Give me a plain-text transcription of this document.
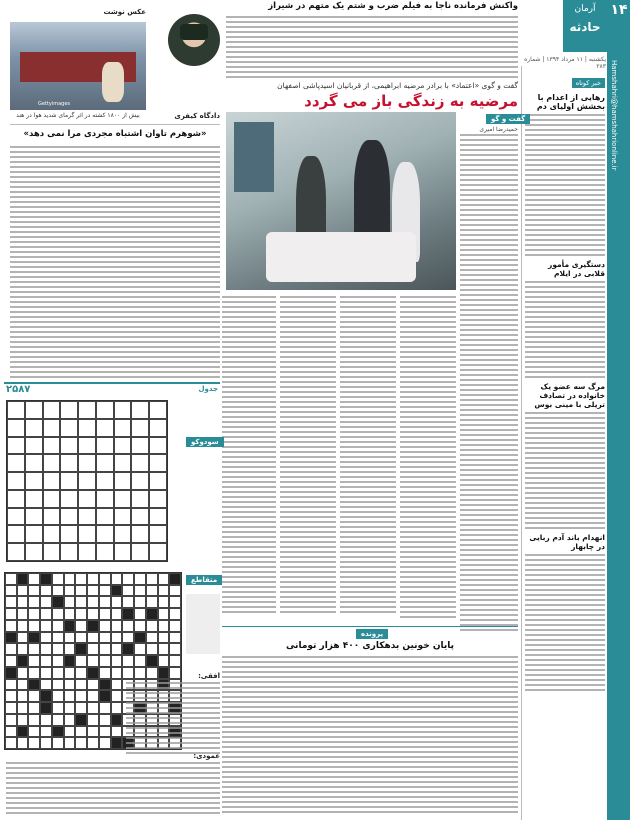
Hamshahri@hamshahrionline.ir
۱۴
آرمان
حادثه
یکشنبه | ۱۱ مرداد ۱۳۹۴ | شماره ۲۸۳
خبر کوتاه
رهایی از اعدام با بخشش اولیای دم
دستگیری مأمور قلابی در ایلام
مرگ سه عضو یک خانواده در تصادف تریلی با مینی بوس
انهدام باند آدم ربایی در چابهار
واکنش فرمانده ناجا به فیلم ضرب و شتم یک متهم در شیراز
گفت و گوی «اعتماد» با برادر مرضیه ابراهیمی، از قربانیان اسیدپاشی اصفهان
مرضیه به زندگی باز می گردد
گفت و گو
حمیدرضا امیری
پرونده
پایان خونین بدهکاری ۴۰۰ هزار تومانی
عکس نوشت
Gettyimages
بیش از ۱۸۰۰ کشته در اثر گرمای شدید هوا در هند	دادگاه کیفری
«شوهرم تاوان اشتباه مجردی مرا نمی دهد»
جدول
۲۵۸۷
سودوکو
متقاطع
افقی:
عمودی:
